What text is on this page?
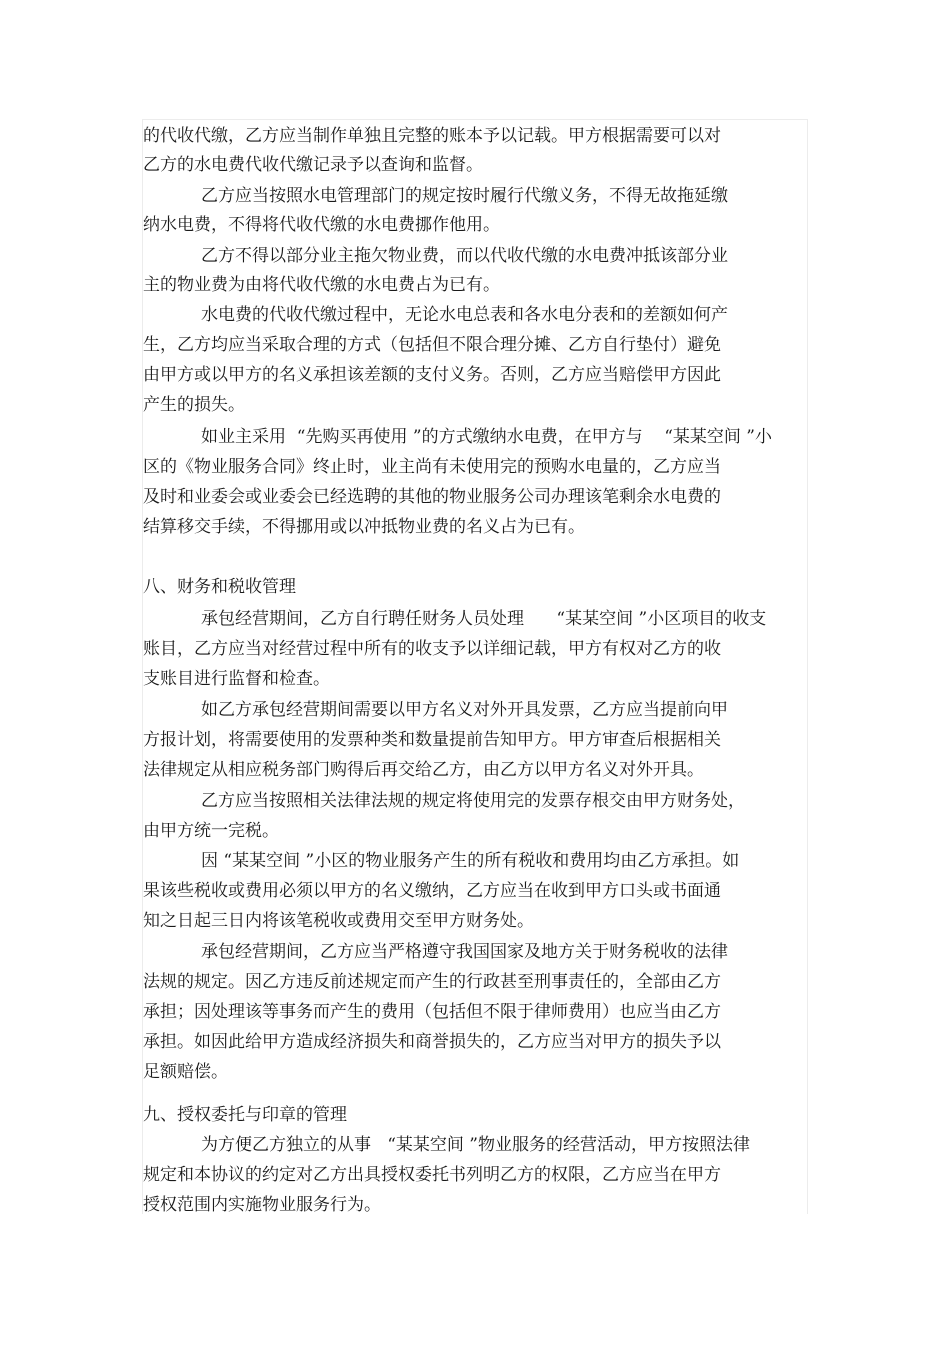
的代收代缴，乙方应当制作单独且完整的账本予以记载。甲方根据需要可以对
乙方的水电费代收代缴记录予以查询和监督。
乙方应当按照水电管理部门的规定按时履行代缴义务，不得无故拖延缴
纳水电费，不得将代收代缴的水电费挪作他用。
乙方不得以部分业主拖欠物业费，而以代收代缴的水电费冲抵该部分业
主的物业费为由将代收代缴的水电费占为已有。
水电费的代收代缴过程中，无论水电总表和各水电分表和的差额如何产
生，乙方均应当采取合理的方式（包括但不限合理分摊、乙方自行垫付）避免
由甲方或以甲方的名义承担该差额的支付义务。否则，乙方应当赔偿甲方因此
产生的损失。
如业主采用  “先购买再使用 ”的方式缴纳水电费，在甲方与    “某某空间 ”小
区的《物业服务合同》终止时，业主尚有未使用完的预购水电量的，乙方应当
及时和业委会或业委会已经选聘的其他的物业服务公司办理该笔剩余水电费的
结算移交手续，不得挪用或以冲抵物业费的名义占为已有。
八、财务和税收管理
承包经营期间，乙方自行聘任财务人员处理      “某某空间 ”小区项目的收支
账目，乙方应当对经营过程中所有的收支予以详细记载，甲方有权对乙方的收
支账目进行监督和检查。
如乙方承包经营期间需要以甲方名义对外开具发票，乙方应当提前向甲
方报计划，将需要使用的发票种类和数量提前告知甲方。甲方审查后根据相关
法律规定从相应税务部门购得后再交给乙方，由乙方以甲方名义对外开具。
乙方应当按照相关法律法规的规定将使用完的发票存根交由甲方财务处，
由甲方统一完税。
因 “某某空间 ”小区的物业服务产生的所有税收和费用均由乙方承担。如
果该些税收或费用必须以甲方的名义缴纳，乙方应当在收到甲方口头或书面通
知之日起三日内将该笔税收或费用交至甲方财务处。
承包经营期间，乙方应当严格遵守我国国家及地方关于财务税收的法律
法规的规定。因乙方违反前述规定而产生的行政甚至刑事责任的，全部由乙方
承担；因处理该等事务而产生的费用（包括但不限于律师费用）也应当由乙方
承担。如因此给甲方造成经济损失和商誉损失的，乙方应当对甲方的损失予以
足额赔偿。
九、授权委托与印章的管理
为方便乙方独立的从事   “某某空间 ”物业服务的经营活动，甲方按照法律
规定和本协议的约定对乙方出具授权委托书列明乙方的权限，乙方应当在甲方
授权范围内实施物业服务行为。
